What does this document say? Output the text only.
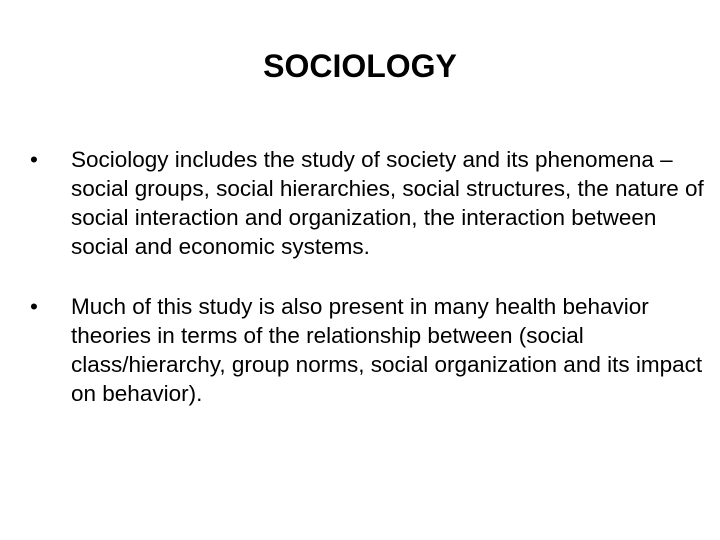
SOCIOLOGY
•	Sociology includes the study of society and its phenomena – social groups, social hierarchies, social structures, the nature of social interaction and organization, the interaction between social and economic systems.
•	Much of this study is also present in many health behavior theories in terms of the relationship between (social class/hierarchy, group norms, social organization and its impact on behavior).
